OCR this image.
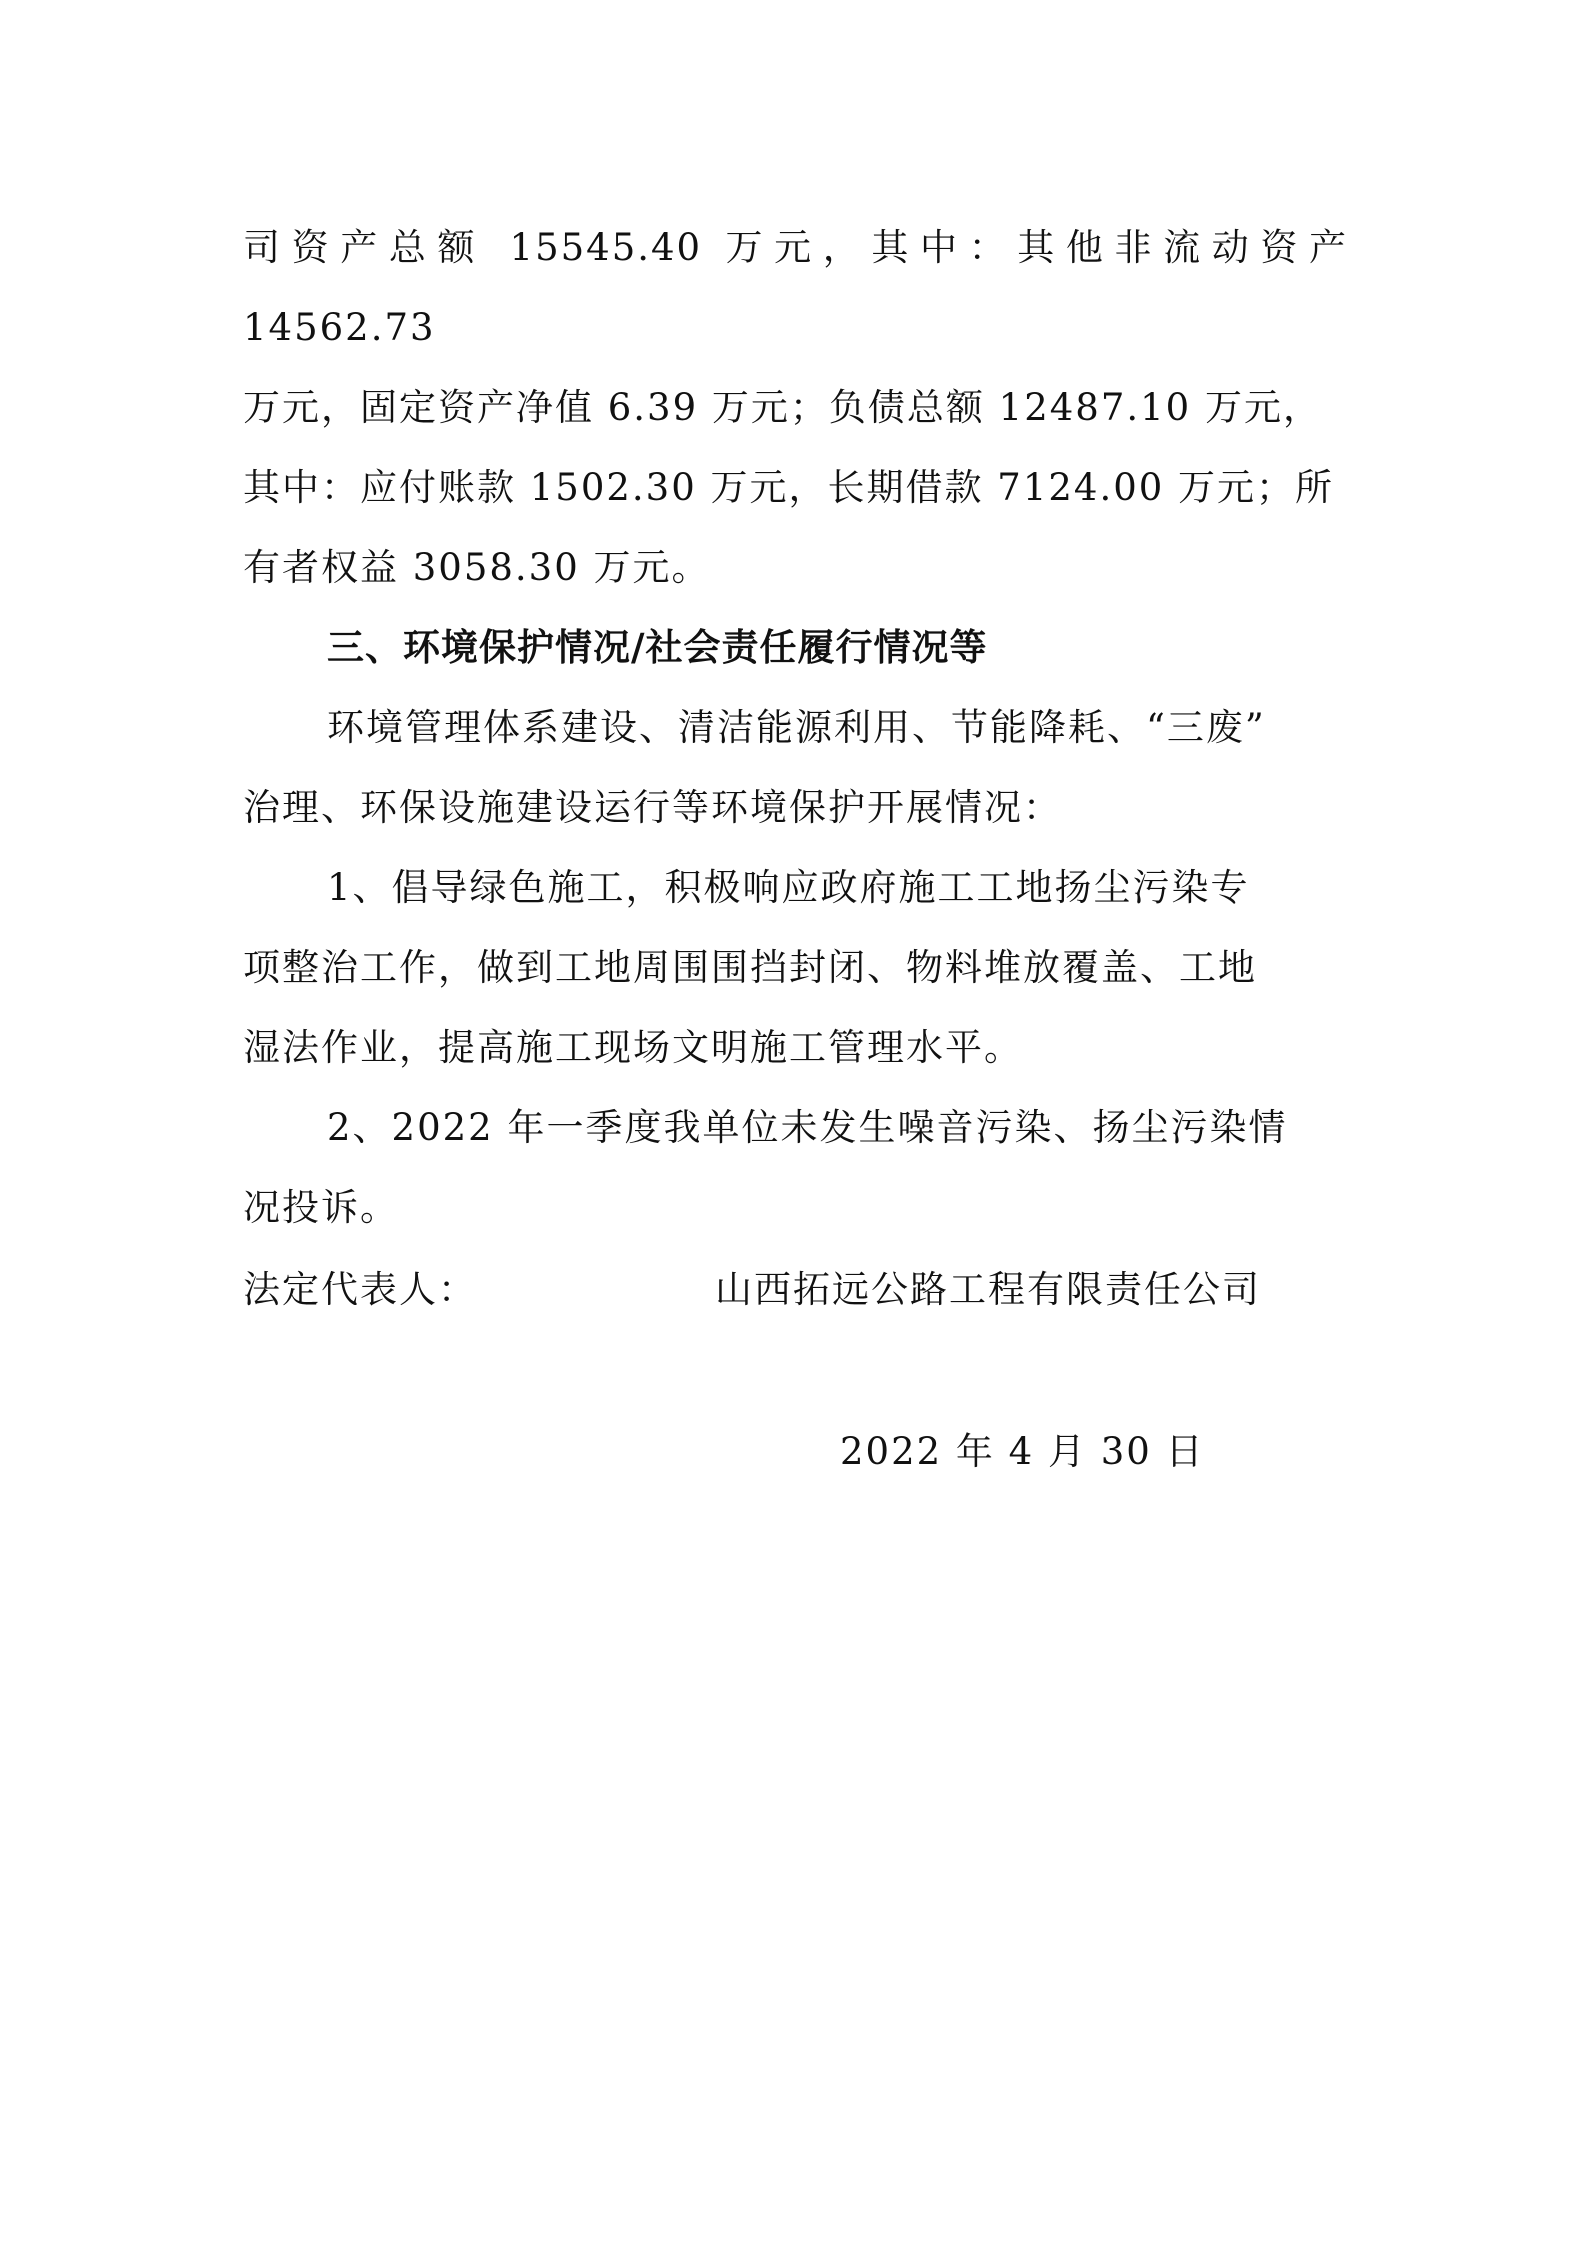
司资产总额 15545.40 万元，其中：其他非流动资产 14562.73

万元，固定资产净值 6.39 万元；负债总额 12487.10 万元，

其中：应付账款 1502.30 万元，长期借款 7124.00 万元；所

有者权益 3058.30 万元。

三、环境保护情况/社会责任履行情况等

环境管理体系建设、清洁能源利用、节能降耗、“三废”

治理、环保设施建设运行等环境保护开展情况：

1、倡导绿色施工，积极响应政府施工工地扬尘污染专

项整治工作，做到工地周围围挡封闭、物料堆放覆盖、工地

湿法作业，提高施工现场文明施工管理水平。

2、2022 年一季度我单位未发生噪音污染、扬尘污染情

况投诉。

法定代表人：	山西拓远公路工程有限责任公司
2022 年 4 月 30 日
